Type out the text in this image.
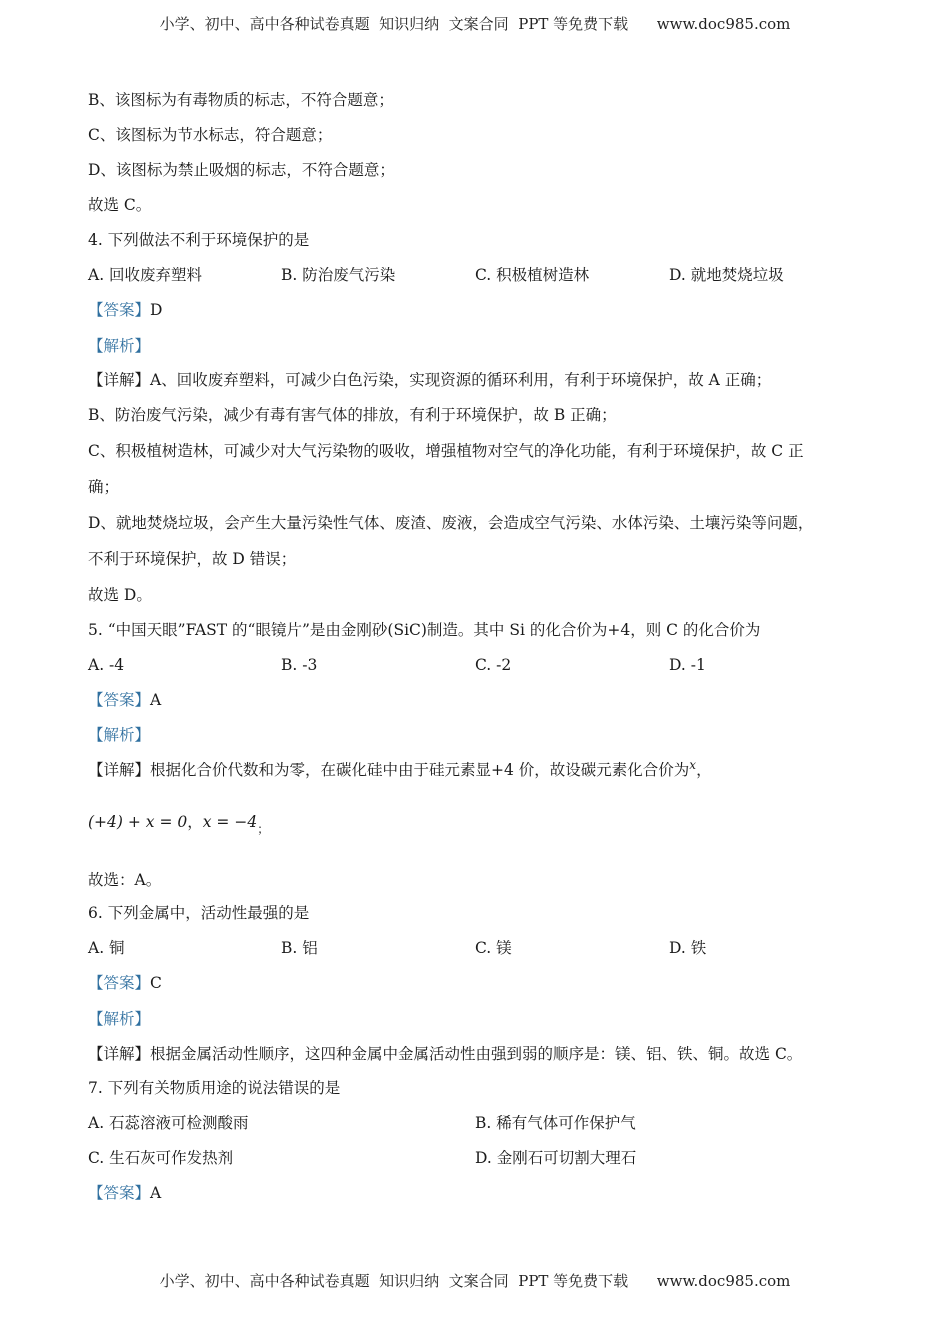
小学、初中、高中各种试卷真题  知识归纳  文案合同  PPT 等免费下载      www.doc985.com
B、该图标为有毒物质的标志，不符合题意；
C、该图标为节水标志，符合题意；
D、该图标为禁止吸烟的标志，不符合题意；
故选 C。
4. 下列做法不利于环境保护的是
A. 回收废弃塑料	B. 防治废气污染	C. 积极植树造林	D. 就地焚烧垃圾
【答案】D
【解析】
【详解】A、回收废弃塑料，可减少白色污染，实现资源的循环利用，有利于环境保护，故 A 正确；
B、防治废气污染，减少有毒有害气体的排放，有利于环境保护，故 B 正确；
C、积极植树造林，可减少对大气污染物的吸收，增强植物对空气的净化功能，有利于环境保护，故 C 正
确；
D、就地焚烧垃圾，会产生大量污染性气体、废渣、废液，会造成空气污染、水体污染、土壤污染等问题，
不利于环境保护，故 D 错误；
故选 D。
5. “中国天眼”FAST 的“眼镜片”是由金刚砂(SiC)制造。其中 Si 的化合价为+4，则 C 的化合价为
A. -4	B. -3	C. -2	D. -1
【答案】A
【解析】
【详解】根据化合价代数和为零，在碳化硅中由于硅元素显+4 价，故设碳元素化合价为$^x$，
(+4) + x = 0，$x = -4_;$
故选：A。
6. 下列金属中，活动性最强的是
A. 铜	B. 铝	C. 镁	D. 铁
【答案】C
【解析】
【详解】根据金属活动性顺序，这四种金属中金属活动性由强到弱的顺序是：镁、铝、铁、铜。故选 C。
7. 下列有关物质用途的说法错误的是
A. 石蕊溶液可检测酸雨	B. 稀有气体可作保护气
C. 生石灰可作发热剂	D. 金刚石可切割大理石
【答案】A
小学、初中、高中各种试卷真题  知识归纳  文案合同  PPT 等免费下载      www.doc985.com
